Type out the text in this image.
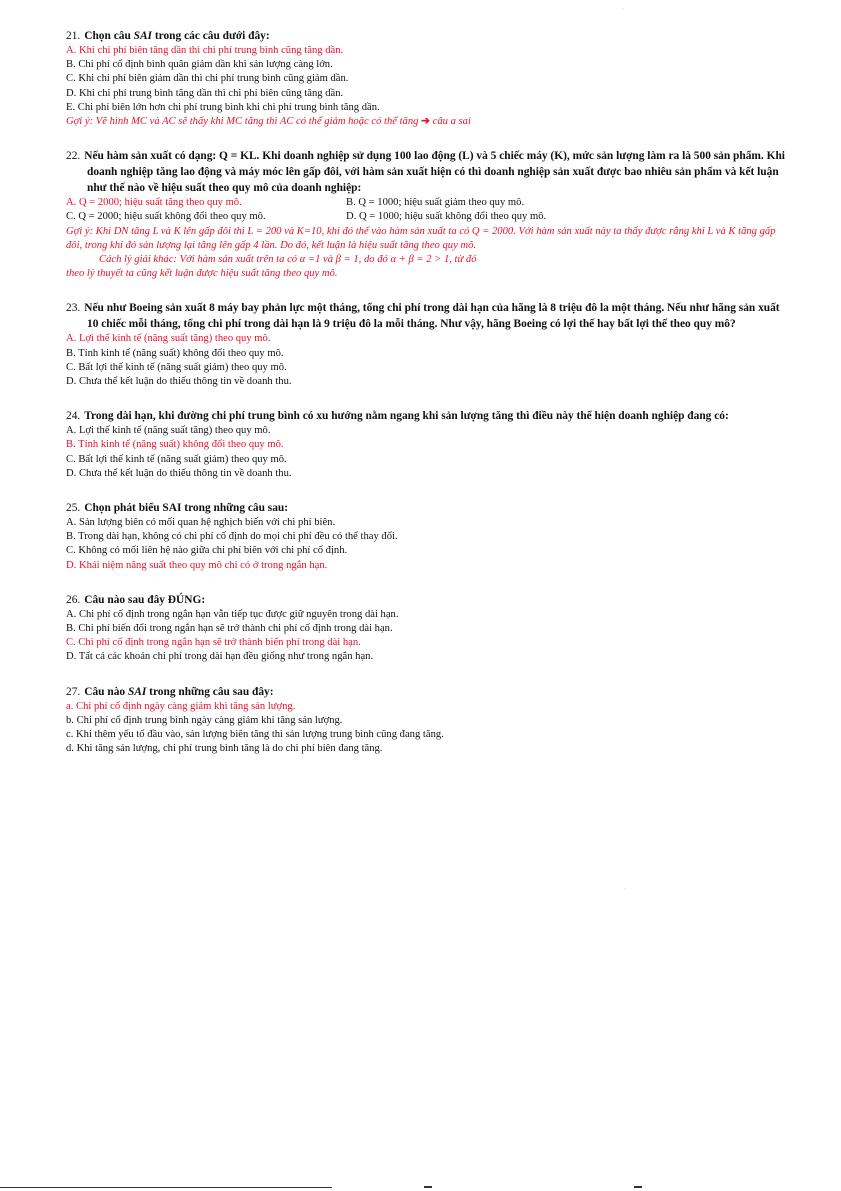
21. Chọn câu SAI trong các câu dưới đây:

A. Khi chi phí biên tăng dần thì chi phí trung bình cũng tăng dần.

B. Chi phí cố định bình quân giảm dần khi sản lượng càng lớn.

C. Khi chi phí biên giảm dần thì chi phí trung bình cũng giảm dần.

D. Khi chi phí trung bình tăng dần thì chi phí biên cũng tăng dần.

E. Chi phí biên lớn hơn chi phí trung bình khi chi phí trung bình tăng dần.

Gợi ý: Vẽ hình MC và AC sẽ thấy khi MC tăng thì AC có thể giảm hoặc có thể tăng ➔ câu a sai

22. Nếu hàm sản xuất có dạng: Q = KL. Khi doanh nghiệp sử dụng 100 lao động (L) và 5 chiếc máy (K), mức sản lượng làm ra là 500 sản phẩm. Khi doanh nghiệp tăng lao động và máy móc lên gấp đôi, với hàm sản xuất hiện có thì doanh nghiệp sản xuất được bao nhiêu sản phẩm và kết luận như thế nào về hiệu suất theo quy mô của doanh nghiệp:

A. Q = 2000; hiệu suất tăng theo quy mô.	B. Q = 1000; hiệu suất giảm theo quy mô.
C. Q = 2000; hiệu suất không đổi theo quy mô.	D. Q = 1000; hiệu suất không đổi theo quy mô.

Gợi ý: Khi DN tăng L và K lên gấp đôi thì L = 200 và K=10, khi đó thế vào hàm sản xuất ta có Q = 2000. Với hàm sản xuất này ta thấy được rằng khi L và K tăng gấp đôi, trong khi đó sản lượng lại tăng lên gấp 4 lần. Do đó, kết luận là hiệu suất tăng theo quy mô.

Cách lý giải khác: Với hàm sản xuất trên ta có α =1 và β = 1, do đó α + β = 2 > 1, từ đó

theo lý thuyết ta cũng kết luận được hiệu suất tăng theo quy mô.

23. Nếu như Boeing sản xuất 8 máy bay phản lực một tháng, tổng chi phí trong dài hạn của hãng là 8 triệu đô la một tháng. Nếu như hãng sản xuất 10 chiếc mỗi tháng, tổng chi phí trong dài hạn là 9 triệu đô la mỗi tháng. Như vậy, hãng Boeing có lợi thế hay bất lợi thế theo quy mô?

A. Lợi thế kinh tế (năng suất tăng) theo quy mô.

B. Tính kinh tế (năng suất) không đổi theo quy mô.

C. Bất lợi thế kinh tế (năng suất giảm) theo quy mô.

D. Chưa thể kết luận do thiếu thông tin về doanh thu.

24. Trong dài hạn, khi đường chi phí trung bình có xu hướng nằm ngang khi sản lượng tăng thì điều này thể hiện doanh nghiệp đang có:

A. Lợi thế kinh tế (năng suất tăng) theo quy mô.

B. Tính kinh tế (năng suất) không đổi theo quy mô.

C. Bất lợi thế kinh tế (năng suất giảm) theo quy mô.

D. Chưa thể kết luận do thiếu thông tin về doanh thu.

25. Chọn phát biểu SAI trong những câu sau:

A. Sản lượng biên có mối quan hệ nghịch biến với chi phí biên.

B. Trong dài hạn, không có chi phí cố định do mọi chi phí đều có thể thay đổi.

C. Không có mối liên hệ nào giữa chi phí biên với chi phí cố định.

D. Khái niệm năng suất theo quy mô chỉ có ở trong ngắn hạn.

26. Câu nào sau đây ĐÚNG:

A. Chi phí cố định trong ngắn hạn vẫn tiếp tục được giữ nguyên trong dài hạn.

B. Chi phí biến đổi trong ngắn hạn sẽ trở thành chi phí cố định trong dài hạn.

C. Chi phí cố định trong ngắn hạn sẽ trở thành biến phí trong dài hạn.

D. Tất cả các khoản chi phí trong dài hạn đều giống như trong ngắn hạn.

27. Câu nào SAI trong những câu sau đây:

a. Chi phí cố định ngày càng giảm khi tăng sản lượng.

b. Chi phí cố định trung bình ngày càng giảm khi tăng sản lượng.

c. Khi thêm yếu tố đầu vào, sản lượng biên tăng thì sản lượng trung bình cũng đang tăng.

d. Khi tăng sản lượng, chi phí trung bình tăng là do chi phí biên đang tăng.

.
.
